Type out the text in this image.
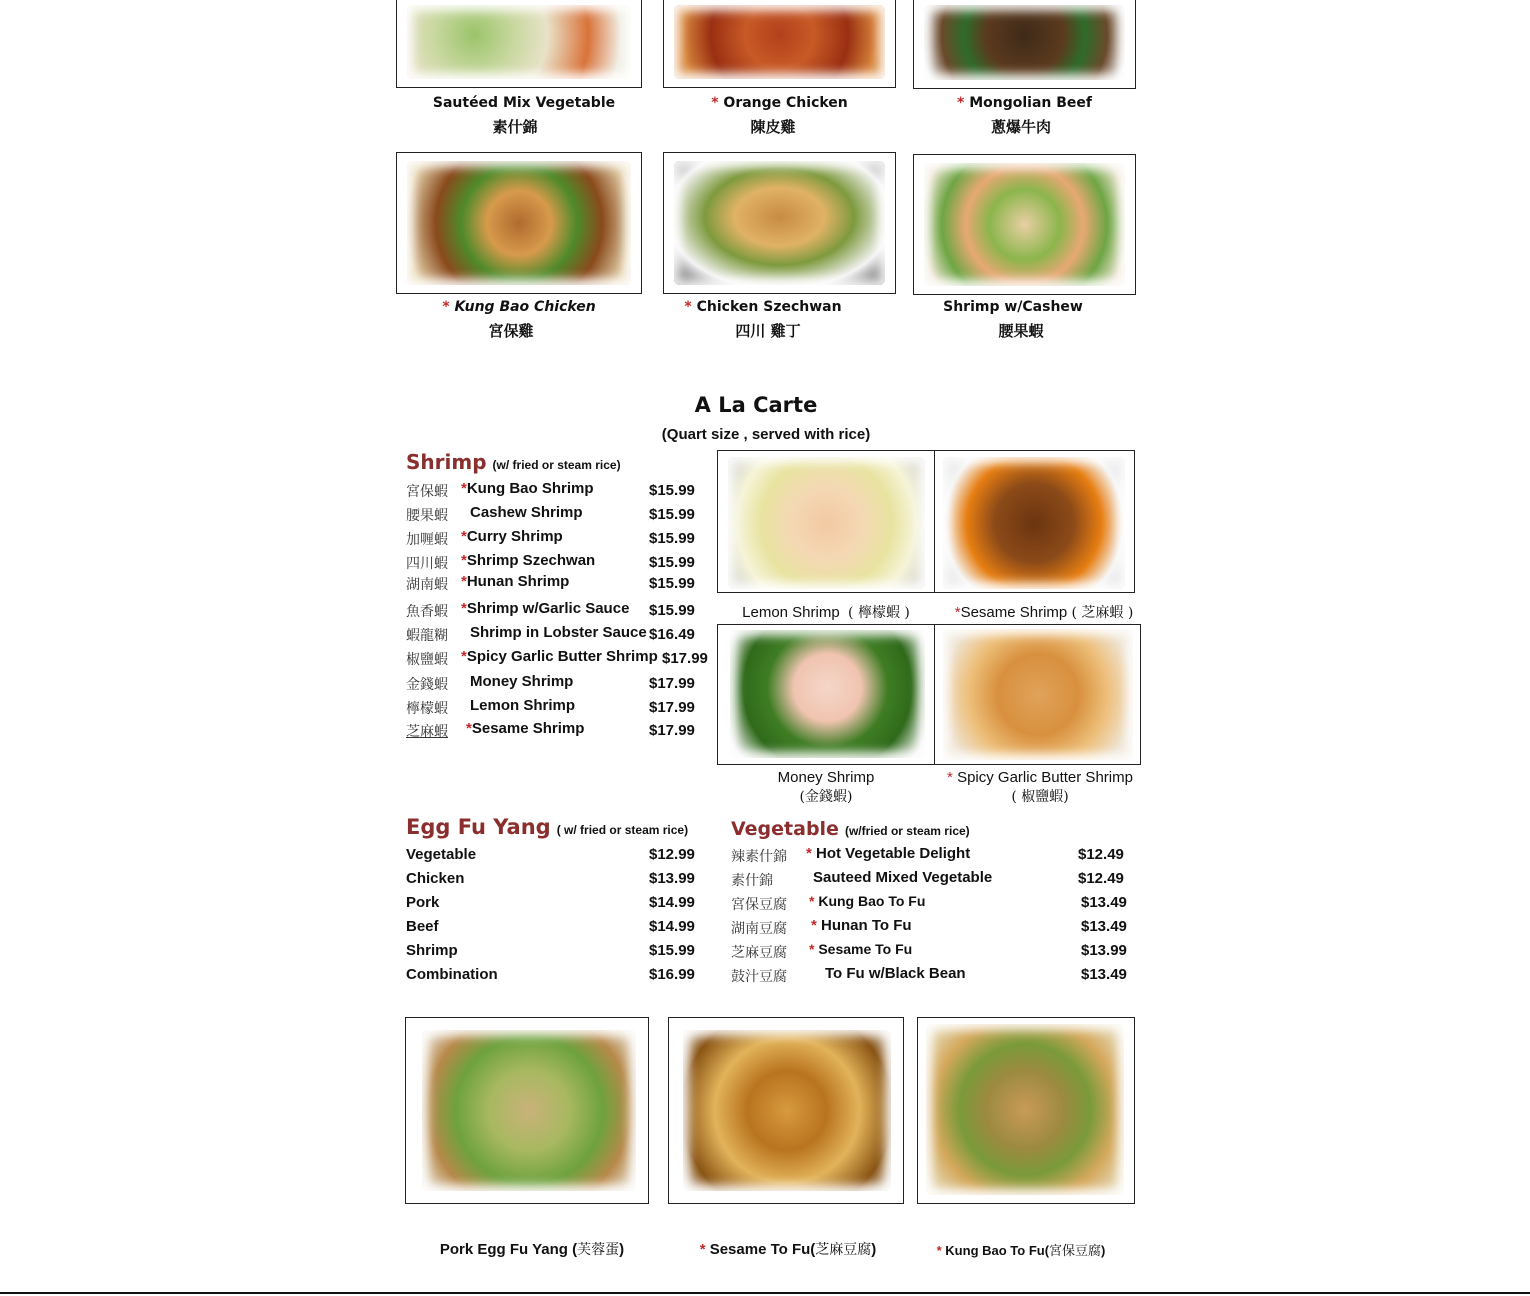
Sautéed Mix Vegetable
素什錦
* Orange Chicken
陳皮雞
* Mongolian Beef
蔥爆牛肉
* Kung Bao Chicken
宮保雞
* Chicken Szechwan
四川 雞丁
Shrimp w/Cashew
腰果蝦
A La Carte
(Quart size , served with rice)
Shrimp (w/ fried or steam rice)
宮保蝦 *Kung Bao Shrimp	$15.99
腰果蝦	Cashew Shrimp	$15.99
加喱蝦 *Curry Shrimp	$15.99
四川蝦 *Shrimp Szechwan	$15.99
湖南蝦 *Hunan Shrimp	$15.99
魚香蝦 *Shrimp w/Garlic Sauce $15.99
蝦龍糊	Shrimp in Lobster Sauce $16.49
椒鹽蝦 *Spicy Garlic Butter Shrimp $17.99
金錢蝦	Money Shrimp	$17.99
檸檬蝦	Lemon Shrimp	$17.99
芝麻蝦 *Sesame Shrimp	$17.99
Lemon Shrimp ( 檸檬蝦 )	*Sesame Shrimp ( 芝麻蝦 )
Money Shrimp
(金錢蝦)
* Spicy Garlic Butter Shrimp
( 椒鹽蝦)
Egg Fu Yang ( w/ fried or steam rice)
Vegetable	$12.99
Chicken	$13.99
Pork	$14.99
Beef	$14.99
Shrimp	$15.99
Combination	$16.99
Vegetable (w/fried or steam rice)
辣素什錦 * Hot Vegetable Delight	$12.49
素什錦	Sauteed Mixed Vegetable	$12.49
宮保豆腐 * Kung Bao To Fu	$13.49
湖南豆腐 * Hunan To Fu	$13.49
芝麻豆腐 * Sesame To Fu	$13.99
鼓汁豆腐	To Fu w/Black Bean	$13.49
Pork Egg Fu Yang (芙蓉蛋)	* Sesame To Fu(芝麻豆腐)	* Kung Bao To Fu(宮保豆腐)
